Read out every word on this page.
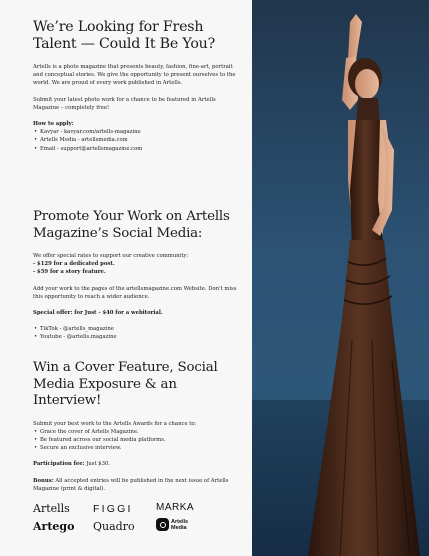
We’re Looking for Fresh Talent — Could It Be You?

Artells is a photo magazine that presents beauty, fashion, fine-art, portrait and conceptual stories. We give the opportunity to present ourselves to the world. We are proud of every work published in Artells.

Submit your latest photo work for a chance to be featured in Artells Magazine – completely free!

How to apply:

• Kavyar - kavyar.com/artells-magazine
• Artells Media - artellsmedia.com
• Email - support@artellsmagazine.com
Promote Your Work on Artells Magazine’s Social Media:

We offer special rates to support our creative community:
- $129 for a dedicated post.
- $59 for a story feature.

Add your work to the pages of the artellsmagazine.com Website. Don't miss this opportunity to reach a wider audience.

Special offer: for Just - $40 for a webitorial.

• TikTok - @artells_magazine
• Youtube - @artells.magazine
Win a Cover Feature, Social Media Exposure & an Interview!

Submit your best work to the Artells Awards for a chance to:

• Grace the cover of Artells Magazine.
• Be featured across our social media platforms.
• Secure an exclusive interview.

Participation fee: Just $30.

Bonus: All accepted entries will be published in the next issue of Artells Magazine (print & digital).

Artells FIGGI MARKA
Artego Quadro	Artells
Media
